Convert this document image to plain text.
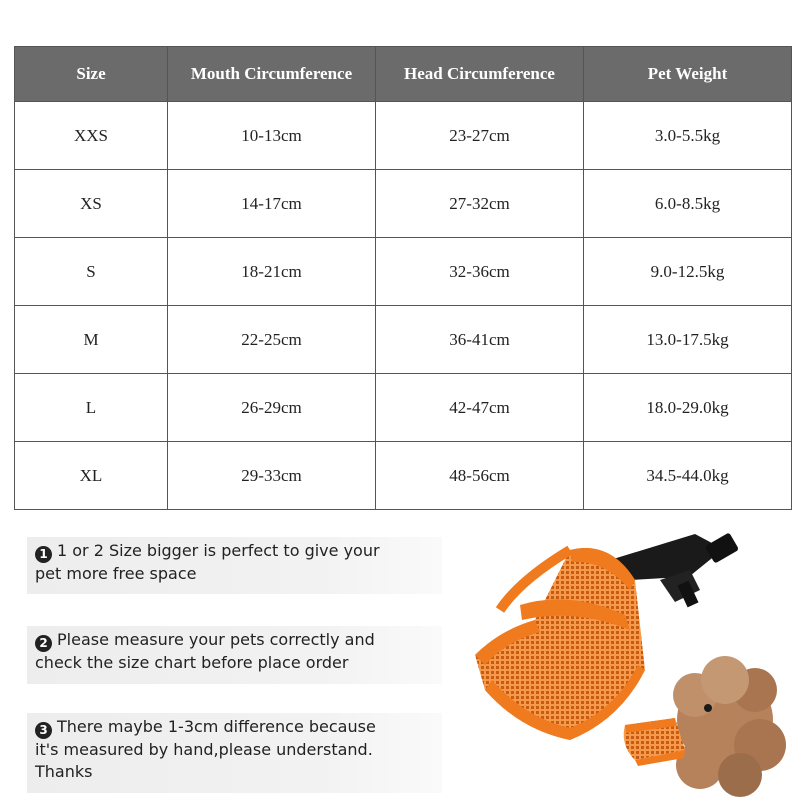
Size	Mouth Circumference	Head Circumference	Pet Weight
XXS	10-13cm	23-27cm	3.0-5.5kg
XS	14-17cm	27-32cm	6.0-8.5kg
S	18-21cm	32-36cm	9.0-12.5kg
M	22-25cm	36-41cm	13.0-17.5kg
L	26-29cm	42-47cm	18.0-29.0kg
XL	29-33cm	48-56cm	34.5-44.0kg
1 1 or 2 Size bigger is perfect to give your
pet more free space
2 Please measure your pets correctly and
check the size chart before place order
3 There maybe 1-3cm difference because
it's measured by hand,please understand.
Thanks
